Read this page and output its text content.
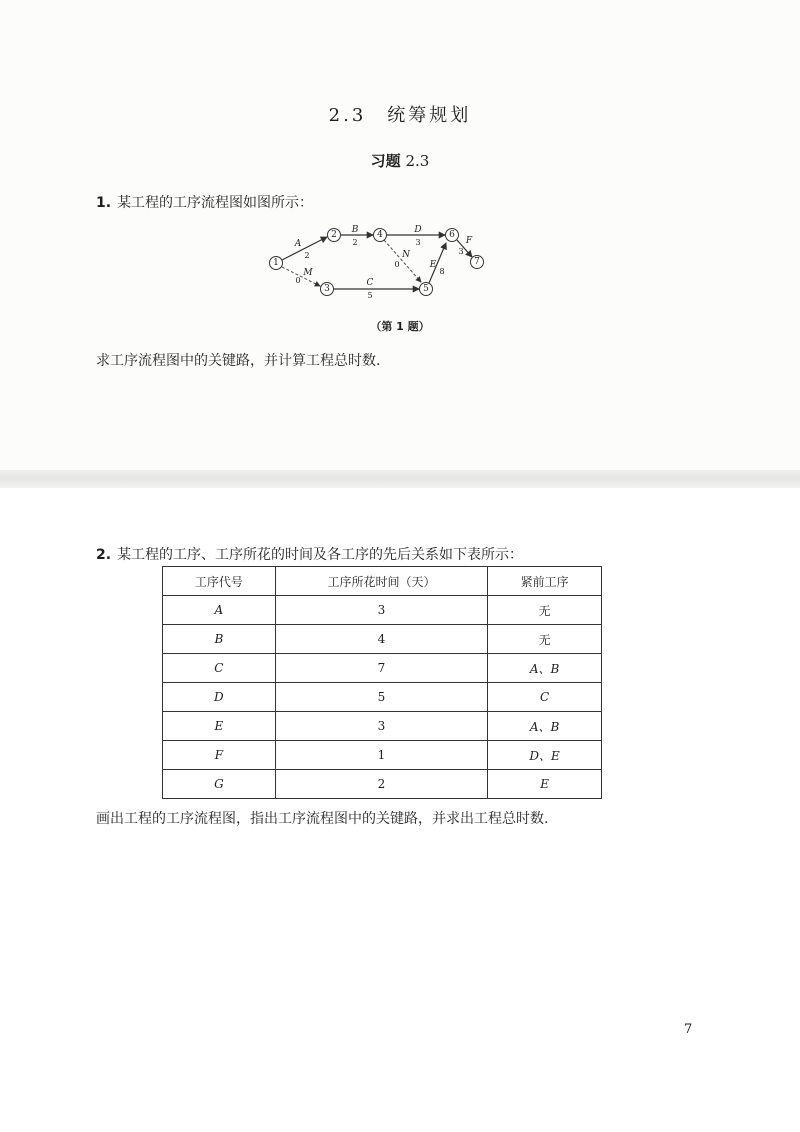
2.3　统筹规划
习题 2.3
1. 某工程的工序流程图如图所示：
A
2
B
2
D
3	F
3
M
0
N
0
C
5
E
8
1
2
3
4
5
6
7
（第 1 题）
求工序流程图中的关键路，并计算工程总时数.
2. 某工程的工序、工序所花的时间及各工序的先后关系如下表所示：
工序代号	工序所花时间（天）	紧前工序
A	3	无
B	4	无
C	7	A、B
D	5	C
E	3	A、B
F	1	D、E
G	2	E
画出工程的工序流程图，指出工序流程图中的关键路，并求出工程总时数.
7
